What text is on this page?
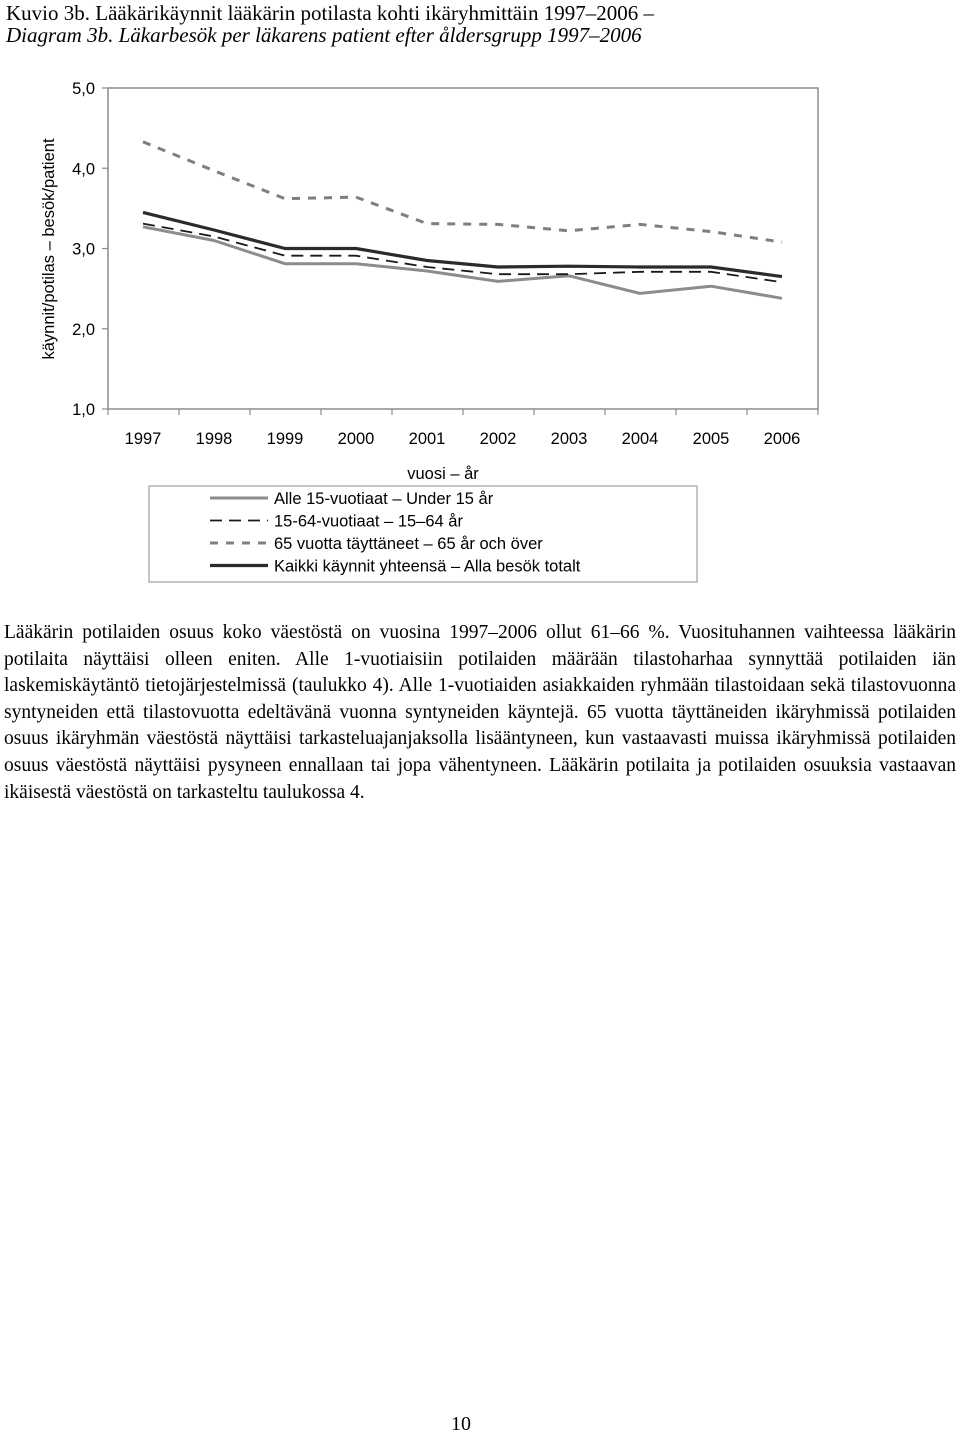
Kuvio 3b. Lääkärikäynnit lääkärin potilasta kohti ikäryhmittäin 1997–2006 –
Diagram 3b. Läkarbesök per läkarens patient efter åldersgrupp 1997–2006
1,0
2,0
3,0
4,0
5,0
1997 1998 1999 2000 2001 2002 2003 2004 2005 2006
käynnit/potilas – besök/patient
vuosi – år
Alle 15-vuotiaat – Under 15 år
15-64-vuotiaat – 15–64 år
65 vuotta täyttäneet – 65 år och över
Kaikki käynnit yhteensä – Alla besök totalt
Lääkärin potilaiden osuus koko väestöstä on vuosina 1997–2006 ollut 61–66 %. Vuosituhannen vaihteessa lääkärin potilaita näyttäisi olleen eniten. Alle 1-vuotiaisiin potilaiden määrään tilastoharhaa synnyttää potilaiden iän laskemiskäytäntö tietojärjestelmissä (taulukko 4). Alle 1-vuotiaiden asiakkaiden ryhmään tilastoidaan sekä tilastovuonna syntyneiden että tilastovuotta edeltävänä vuonna syntyneiden käyntejä. 65 vuotta täyttäneiden ikäryhmissä potilaiden osuus ikäryhmän väestöstä näyttäisi tarkasteluajanjaksolla lisääntyneen, kun vastaavasti muissa ikäryhmissä potilaiden osuus väestöstä näyttäisi pysyneen ennallaan tai jopa vähentyneen. Lääkärin potilaita ja potilaiden osuuksia vastaavan ikäisestä väestöstä on tarkasteltu taulukossa 4.
10
